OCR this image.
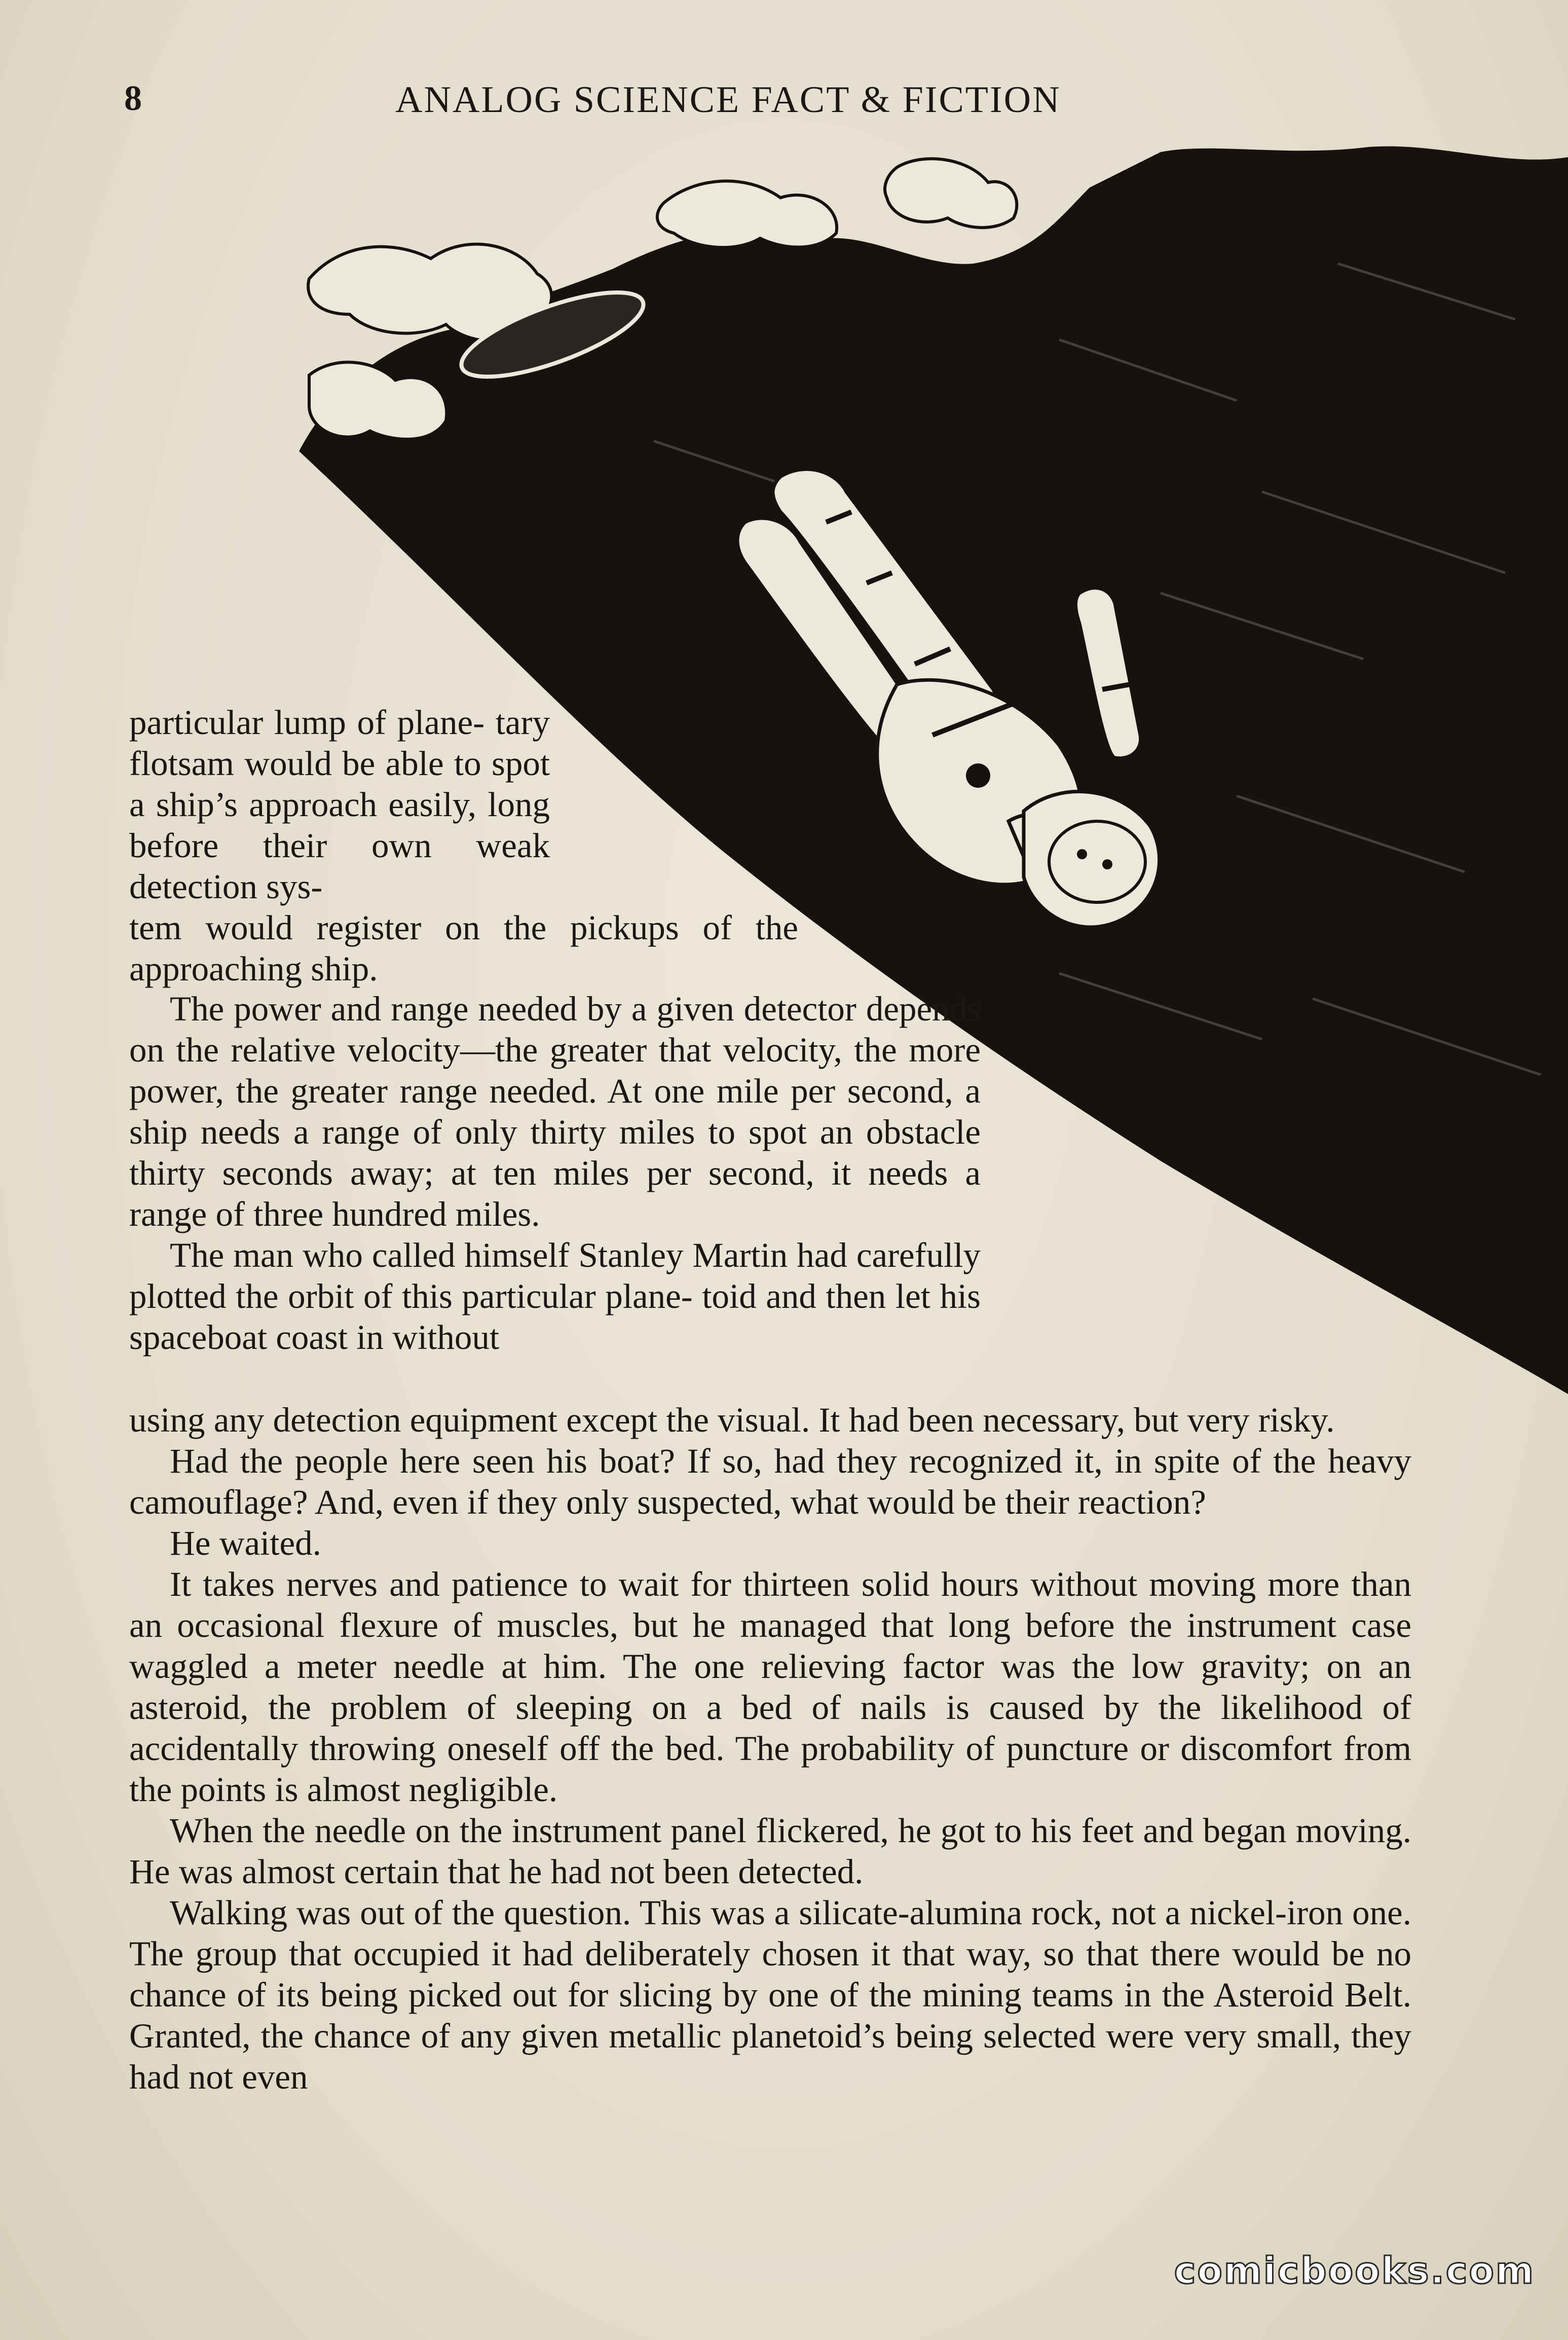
8	ANALOG SCIENCE FACT & FICTION

particular lump of plane- tary flotsam would be able to spot a ship’s approach easily, long before their own weak detection sys-

tem would register on the pickups of the approaching ship.

The power and range needed by a given detector depends on the relative velocity—the greater that velocity, the more power, the greater range needed. At one mile per second, a ship needs a range of only thirty miles to spot an obstacle thirty seconds away; at ten miles per second, it needs a range of three hundred miles.

The man who called himself Stanley Martin had carefully plotted the orbit of this particular plane- toid and then let his spaceboat coast in without

using any detection equipment except the visual. It had been necessary, but very risky.

Had the people here seen his boat? If so, had they recognized it, in spite of the heavy camouflage? And, even if they only suspected, what would be their reaction?

He waited.

It takes nerves and patience to wait for thirteen solid hours without moving more than an occasional flexure of muscles, but he managed that long before the instrument case waggled a meter needle at him. The one relieving factor was the low gravity; on an asteroid, the problem of sleeping on a bed of nails is caused by the likelihood of accidentally throwing oneself off the bed. The probability of puncture or discomfort from the points is almost negligible.

When the needle on the instrument panel flickered, he got to his feet and began moving. He was almost certain that he had not been detected.

Walking was out of the question. This was a silicate-alumina rock, not a nickel-iron one. The group that occupied it had deliberately chosen it that way, so that there would be no chance of its being picked out for slicing by one of the mining teams in the Asteroid Belt. Granted, the chance of any given metallic planetoid’s being selected were very small, they had not even

comicbooks.com
